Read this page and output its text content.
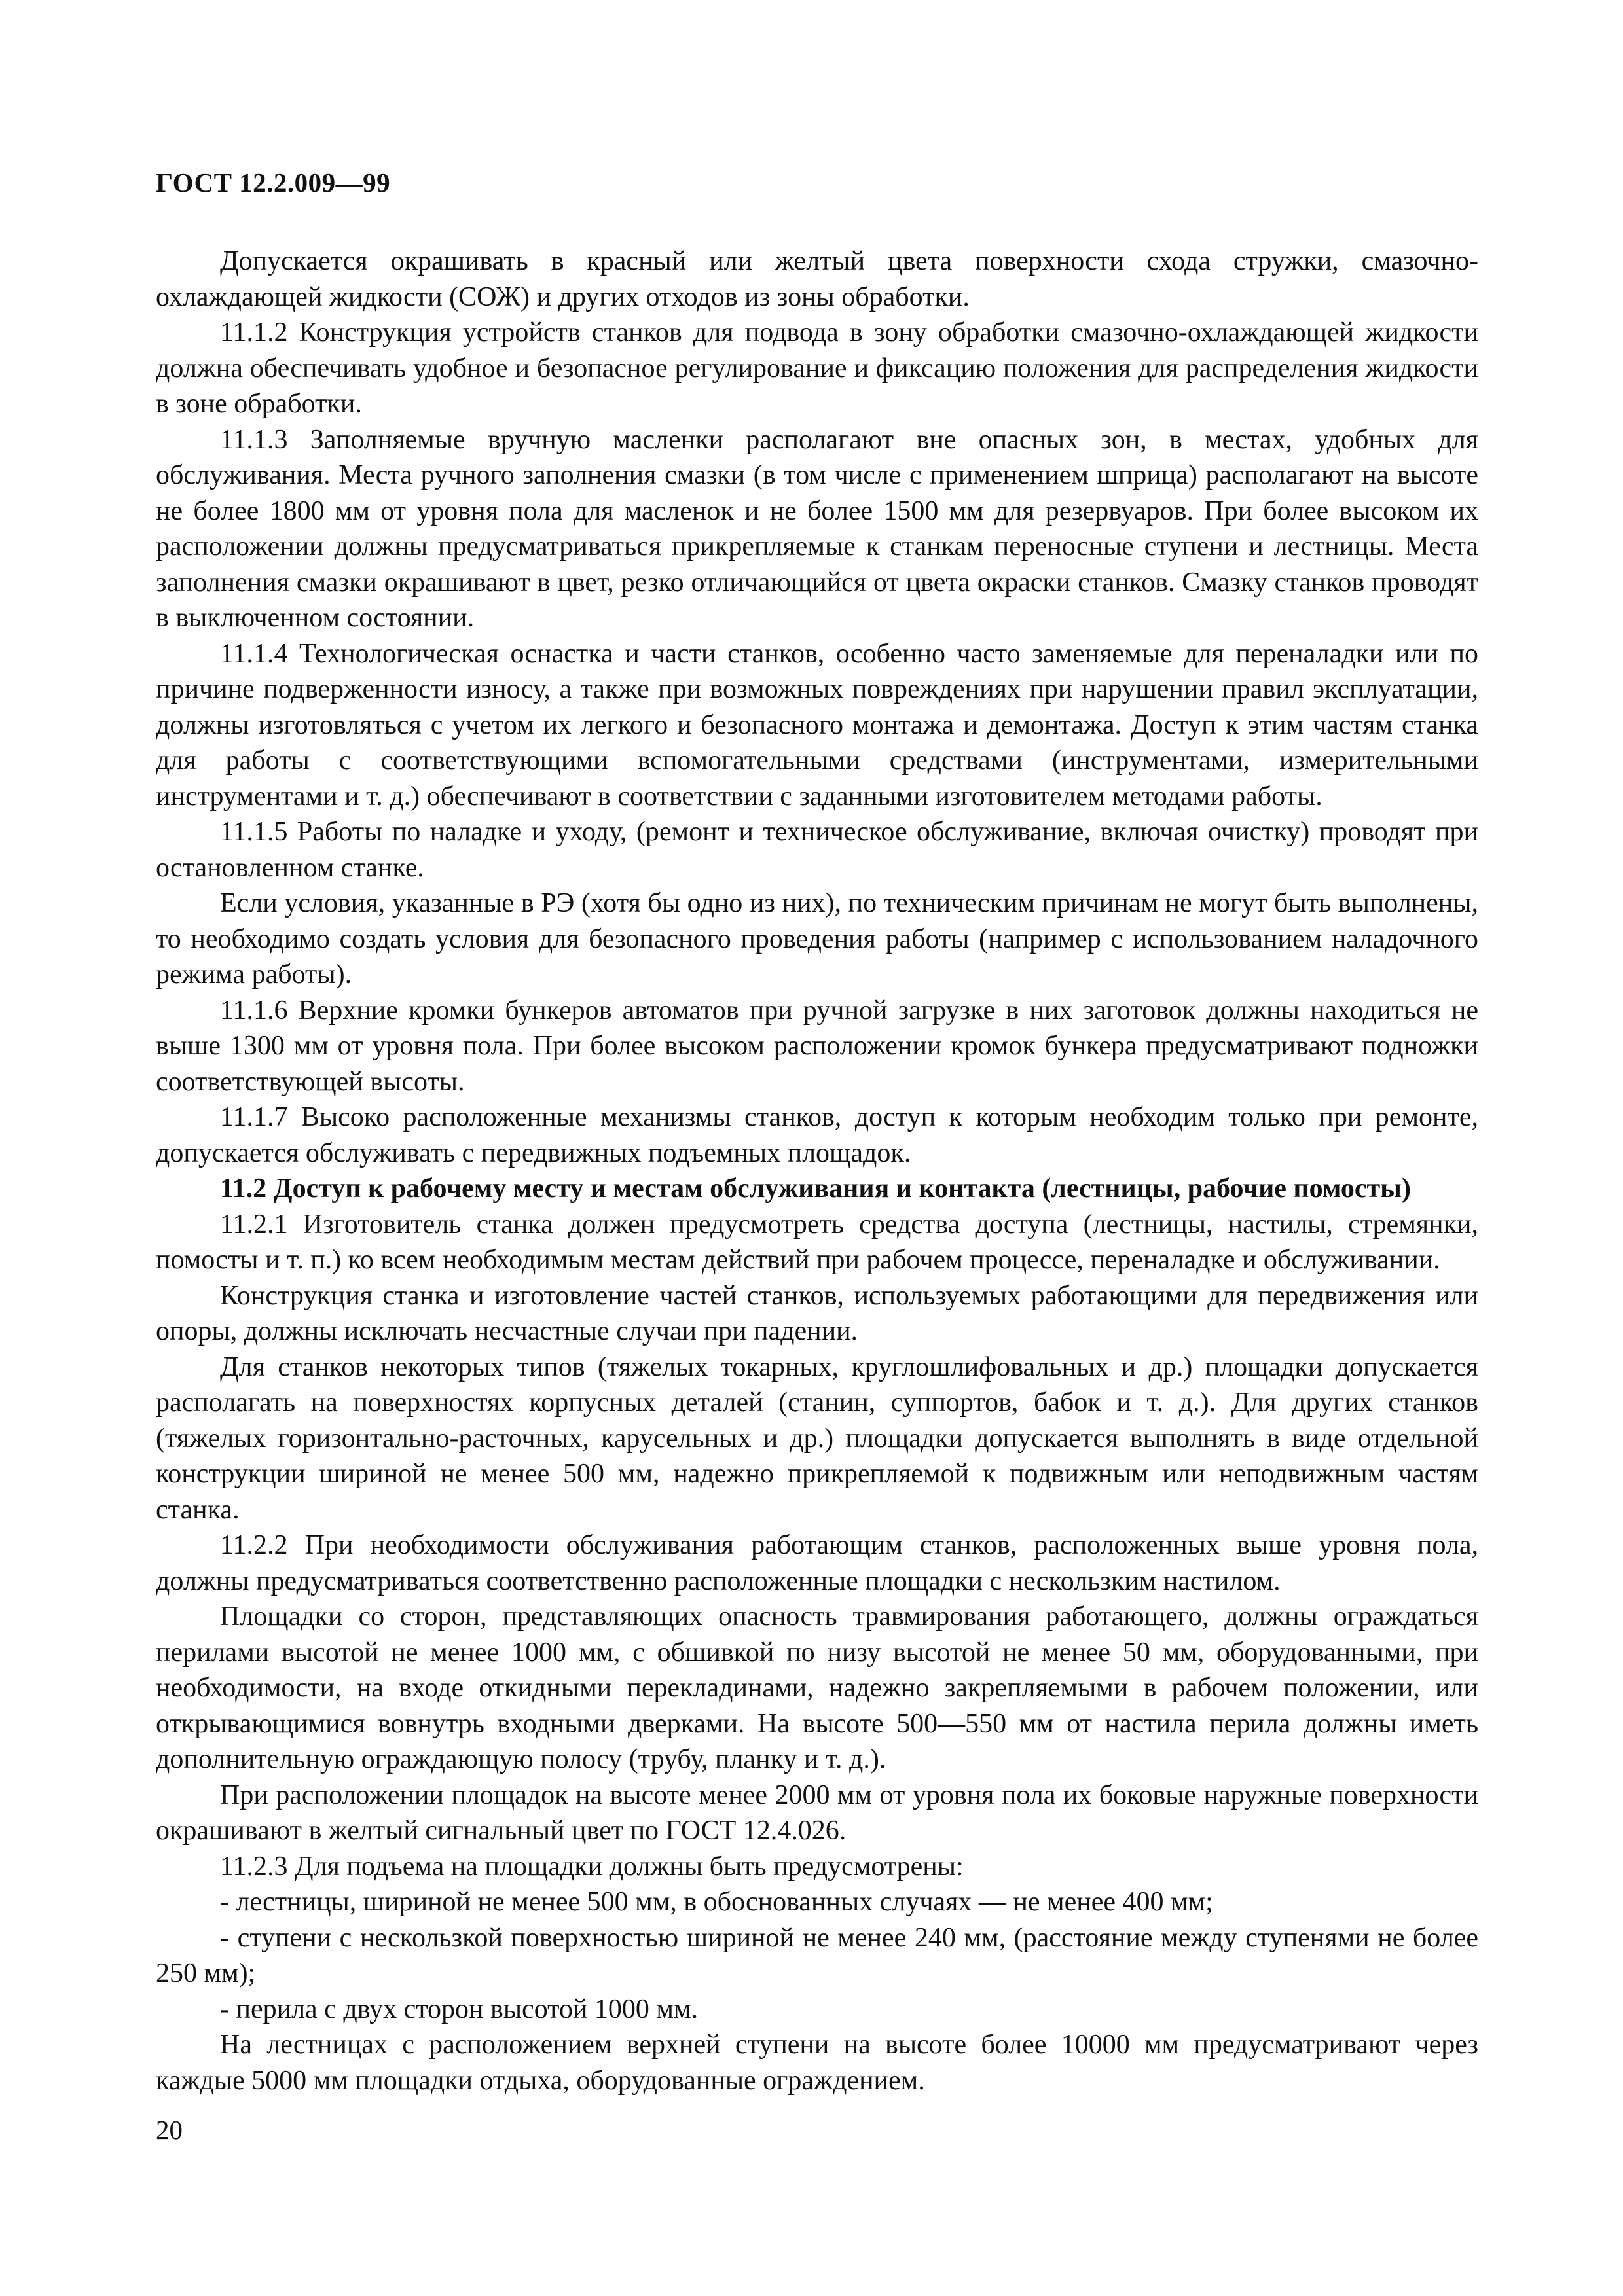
ГОСТ 12.2.009—99

Допускается окрашивать в красный или желтый цвета поверхности схода стружки, смазочно-охлаждающей жидкости (СОЖ) и других отходов из зоны обработки.

11.1.2 Конструкция устройств станков для подвода в зону обработки смазочно-охлаждающей жидкости должна обеспечивать удобное и безопасное регулирование и фиксацию положения для распределения жидкости в зоне обработки.

11.1.3 Заполняемые вручную масленки располагают вне опасных зон, в местах, удобных для обслуживания. Места ручного заполнения смазки (в том числе с применением шприца) располагают на высоте не более 1800 мм от уровня пола для масленок и не более 1500 мм для резервуаров. При более высоком их расположении должны предусматриваться прикрепляемые к станкам переносные ступени и лестницы. Места заполнения смазки окрашивают в цвет, резко отличающийся от цвета окраски станков. Смазку станков проводят в выключенном состоянии.

11.1.4 Технологическая оснастка и части станков, особенно часто заменяемые для переналадки или по причине подверженности износу, а также при возможных повреждениях при нарушении правил эксплуатации, должны изготовляться с учетом их легкого и безопасного монтажа и демонтажа. Доступ к этим частям станка для работы с соответствующими вспомогательными средствами (инструментами, измерительными инструментами и т. д.) обеспечивают в соответствии с заданными изготовителем методами работы.

11.1.5 Работы по наладке и уходу, (ремонт и техническое обслуживание, включая очистку) проводят при остановленном станке.

Если условия, указанные в РЭ (хотя бы одно из них), по техническим причинам не могут быть выполнены, то необходимо создать условия для безопасного проведения работы (например с использованием наладочного режима работы).

11.1.6 Верхние кромки бункеров автоматов при ручной загрузке в них заготовок должны находиться не выше 1300 мм от уровня пола. При более высоком расположении кромок бункера предусматривают подножки соответствующей высоты.

11.1.7 Высоко расположенные механизмы станков, доступ к которым необходим только при ремонте, допускается обслуживать с передвижных подъемных площадок.

11.2 Доступ к рабочему месту и местам обслуживания и контакта (лестницы, рабочие помосты)

11.2.1 Изготовитель станка должен предусмотреть средства доступа (лестницы, настилы, стремянки, помосты и т. п.) ко всем необходимым местам действий при рабочем процессе, переналадке и обслуживании.

Конструкция станка и изготовление частей станков, используемых работающими для передвижения или опоры, должны исключать несчастные случаи при падении.

Для станков некоторых типов (тяжелых токарных, круглошлифовальных и др.) площадки допускается располагать на поверхностях корпусных деталей (станин, суппортов, бабок и т. д.). Для других станков (тяжелых горизонтально-расточных, карусельных и др.) площадки допускается выполнять в виде отдельной конструкции шириной не менее 500 мм, надежно прикрепляемой к подвижным или неподвижным частям станка.

11.2.2 При необходимости обслуживания работающим станков, расположенных выше уровня пола, должны предусматриваться соответственно расположенные площадки с нескользким настилом.

Площадки со сторон, представляющих опасность травмирования работающего, должны ограждаться перилами высотой не менее 1000 мм, с обшивкой по низу высотой не менее 50 мм, оборудованными, при необходимости, на входе откидными перекладинами, надежно закрепляемыми в рабочем положении, или открывающимися вовнутрь входными дверками. На высоте 500—550 мм от настила перила должны иметь дополнительную ограждающую полосу (трубу, планку и т. д.).

При расположении площадок на высоте менее 2000 мм от уровня пола их боковые наружные поверхности окрашивают в желтый сигнальный цвет по ГОСТ 12.4.026.

11.2.3 Для подъема на площадки должны быть предусмотрены:

- лестницы, шириной не менее 500 мм, в обоснованных случаях — не менее 400 мм;

- ступени с нескользкой поверхностью шириной не менее 240 мм, (расстояние между ступенями не более 250 мм);

- перила с двух сторон высотой 1000 мм.

На лестницах с расположением верхней ступени на высоте более 10000 мм предусматривают через каждые 5000 мм площадки отдыха, оборудованные ограждением.

20
